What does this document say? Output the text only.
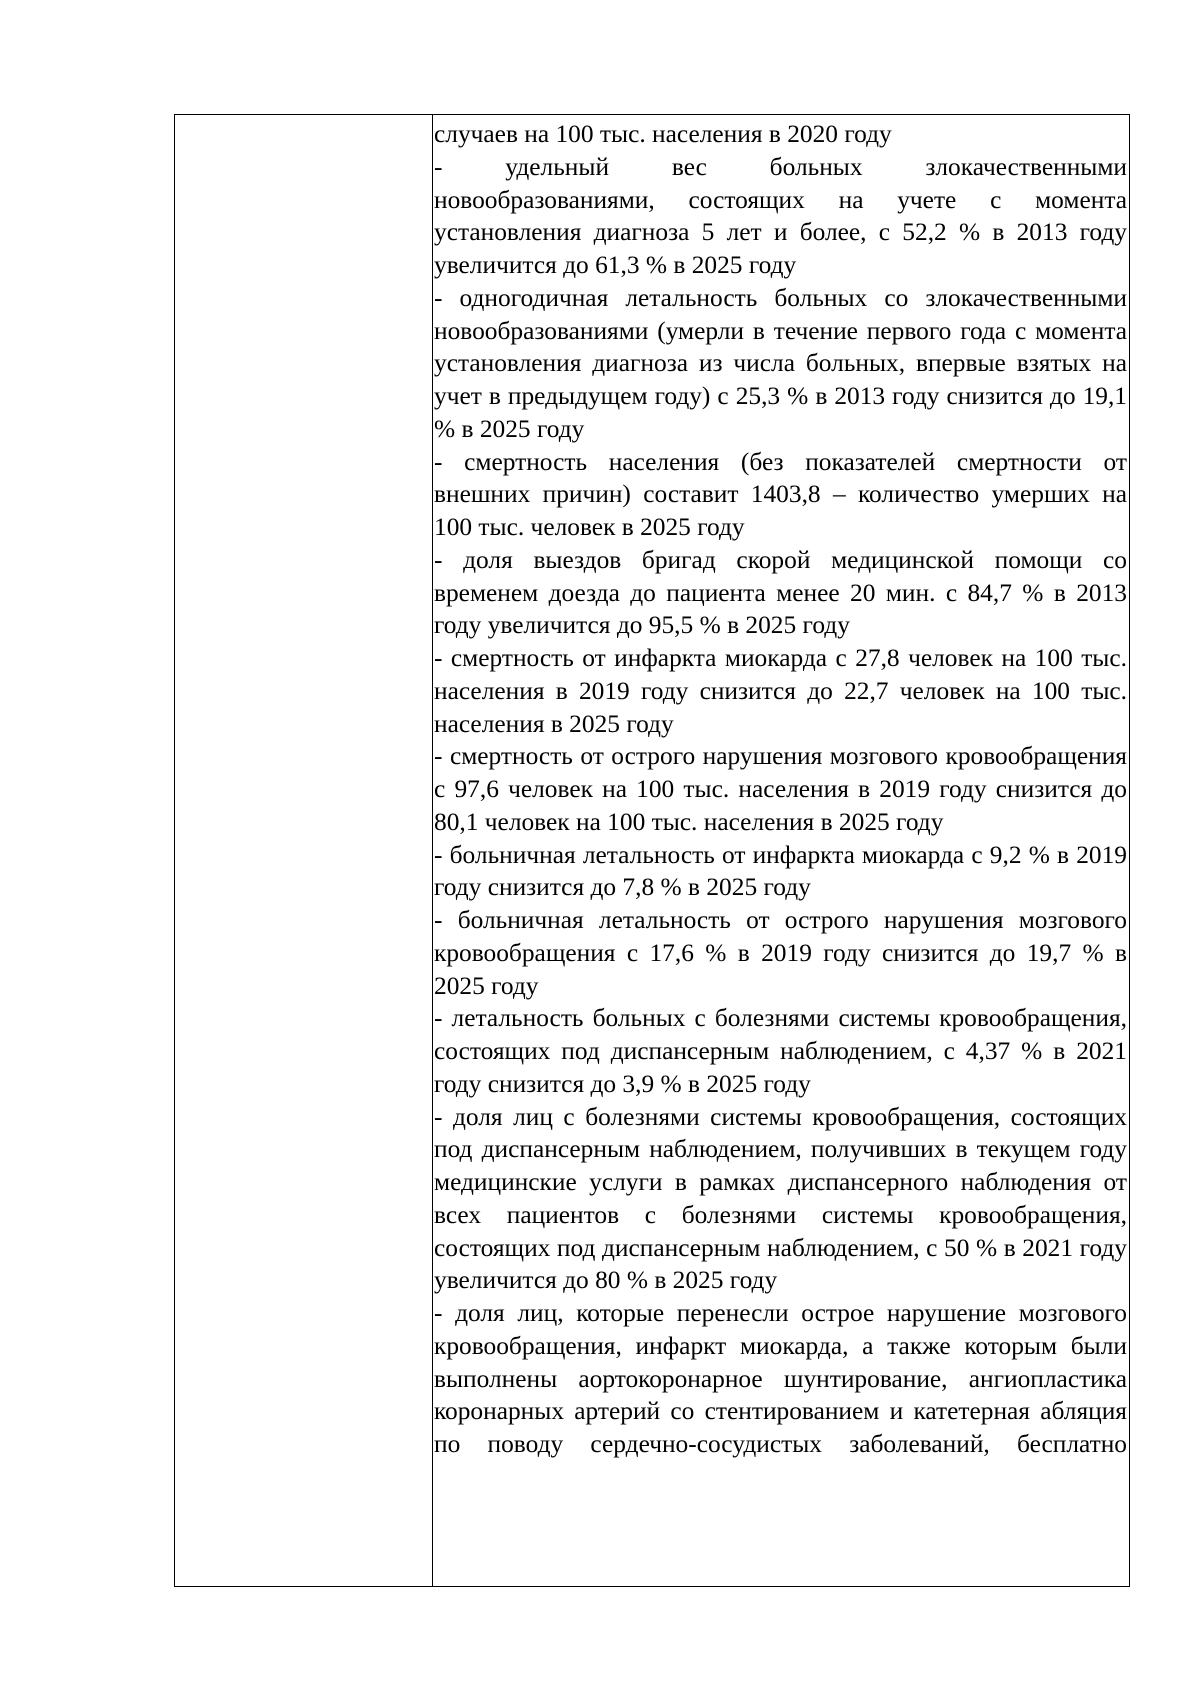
случаев на 100 тыс. населения в 2020 году

- удельный вес больных злокачественными новообразованиями, состоящих на учете с момента установления диагноза 5 лет и более, с 52,2 % в 2013 году увеличится до 61,3 % в 2025 году

- одногодичная летальность больных со злокачественными новообразованиями (умерли в течение первого года с момента установления диагноза из числа больных, впервые взятых на учет в предыдущем году) с 25,3 % в 2013 году снизится до 19,1 % в 2025 году

- смертность населения (без показателей смертности от внешних причин) составит 1403,8 – количество умерших на 100 тыс. человек в 2025 году

- доля выездов бригад скорой медицинской помощи со временем доезда до пациента менее 20 мин. с 84,7 % в 2013 году увеличится до 95,5 % в 2025 году

- смертность от инфаркта миокарда с 27,8 человек на 100 тыс. населения в 2019 году снизится до 22,7 человек на 100 тыс. населения в 2025 году

- смертность от острого нарушения мозгового кровообращения с 97,6 человек на 100 тыс. населения в 2019 году снизится до 80,1 человек на 100 тыс. населения в 2025 году

- больничная летальность от инфаркта миокарда с 9,2 % в 2019 году снизится до 7,8 % в 2025 году

- больничная летальность от острого нарушения мозгового кровообращения с 17,6 % в 2019 году снизится до 19,7 % в 2025 году

- летальность больных с болезнями системы кровообращения, состоящих под диспансерным наблюдением, с 4,37 % в 2021 году снизится до 3,9 % в 2025 году

- доля лиц с болезнями системы кровообращения, состоящих под диспансерным наблюдением, получивших в текущем году медицинские услуги в рамках диспансерного наблюдения от всех пациентов с болезнями системы кровообращения, состоящих под диспансерным наблюдением, с 50 % в 2021 году увеличится до 80 % в 2025 году

- доля лиц, которые перенесли острое нарушение мозгового кровообращения, инфаркт миокарда, а также которым были выполнены аортокоронарное шунтирование, ангиопластика коронарных артерий со стентированием и катетерная абляция по поводу сердечно-сосудистых заболеваний, бесплатно
